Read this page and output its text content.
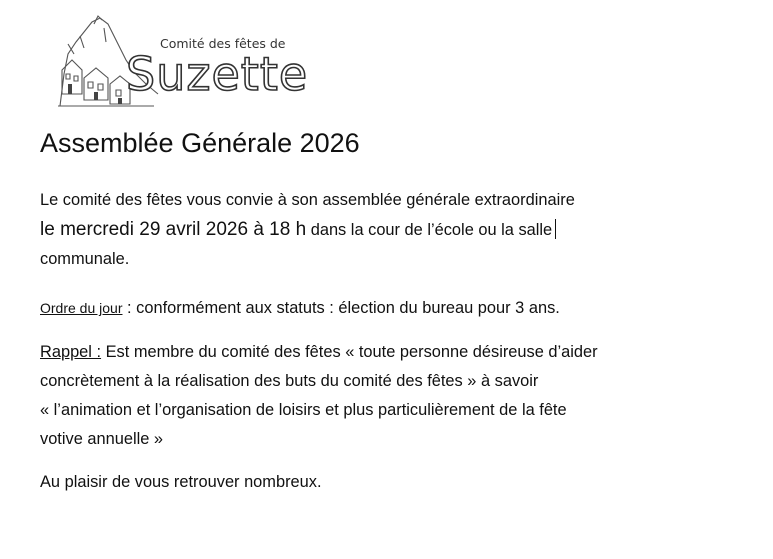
Comité des fêtes de
Suzette
Assemblée Générale 2026

Le comité des fêtes vous convie à son assemblée générale extraordinaire
le mercredi 29 avril 2026 à 18 h dans la cour de l’école ou la salle
communale.

Ordre du jour : conformément aux statuts : élection du bureau pour 3 ans.

Rappel : Est membre du comité des fêtes « toute personne désireuse d’aider
concrètement à la réalisation des buts du comité des fêtes » à savoir
« l’animation et l’organisation de loisirs et plus particulièrement de la fête
votive annuelle »

Au plaisir de vous retrouver nombreux.
